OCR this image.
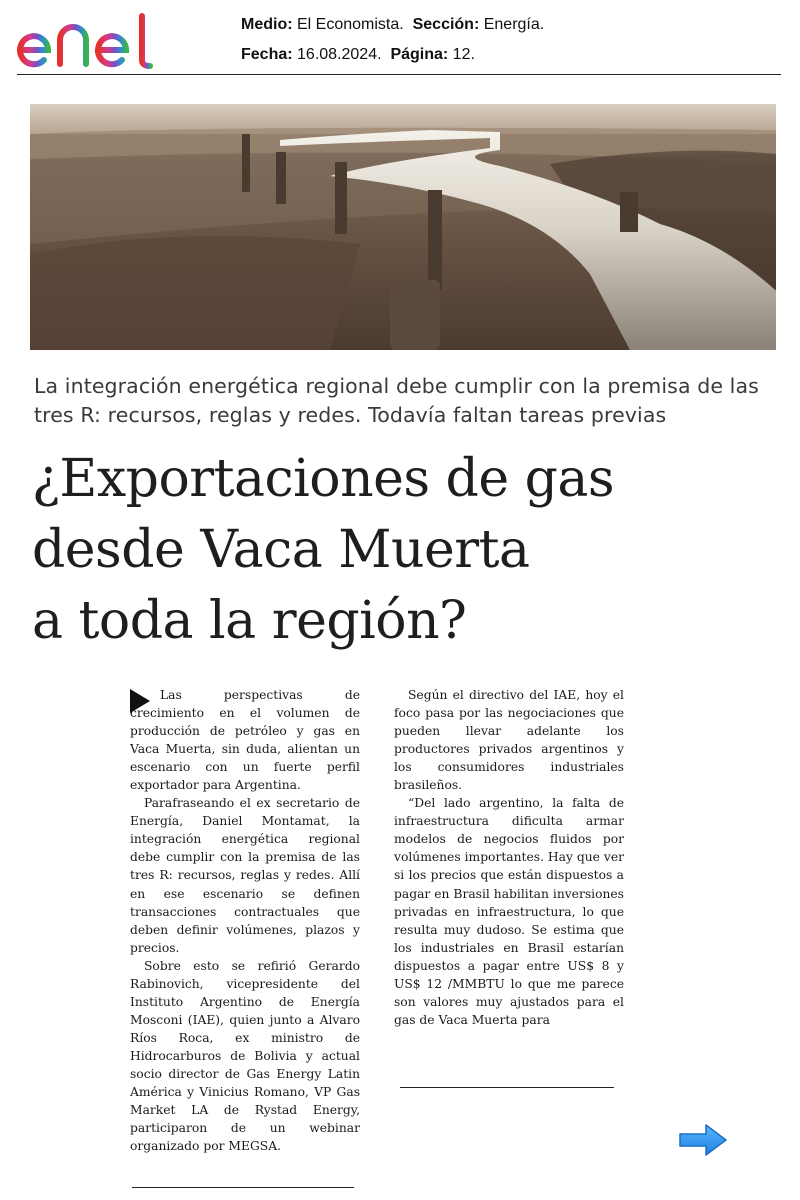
Medio: El Economista. Sección: Energía.
Fecha: 16.08.2024. Página: 12.
La integración energética regional debe cumplir con la premisa de las tres R: recursos, reglas y redes. Todavía faltan tareas previas
¿Exportaciones de gas
desde Vaca Muerta
a toda la región?

Las perspectivas de crecimiento en el volumen de producción de petróleo y gas en Vaca Muerta, sin duda, alientan un escenario con un fuerte perfil exportador para Argentina.

Parafraseando el ex secretario de Energía, Daniel Montamat, la integración energética regional debe cumplir con la premisa de las tres R: recursos, reglas y redes. Allí en ese escenario se definen transacciones contractuales que deben definir volúmenes, plazos y precios.

Sobre esto se refirió Gerardo Rabinovich, vicepresidente del Instituto Argentino de Energía Mosconi (IAE), quien junto a Alvaro Ríos Roca, ex ministro de Hidrocarburos de Bolivia y actual socio director de Gas Energy Latin América y Vinicius Romano, VP Gas Market LA de Rystad Energy, participaron de un webinar organizado por MEGSA.

Según el directivo del IAE, hoy el foco pasa por las negociaciones que pueden llevar adelante los productores privados argentinos y los consumidores industriales brasileños.

“Del lado argentino, la falta de infraestructura dificulta armar modelos de negocios fluidos por volúmenes importantes. Hay que ver si los precios que están dispuestos a pagar en Brasil habilitan inversiones privadas en infraestructura, lo que resulta muy dudoso. Se estima que los industriales en Brasil estarían dispuestos a pagar entre US$ 8 y US$ 12 /MMBTU lo que me parece son valores muy ajustados para el gas de Vaca Muerta para
